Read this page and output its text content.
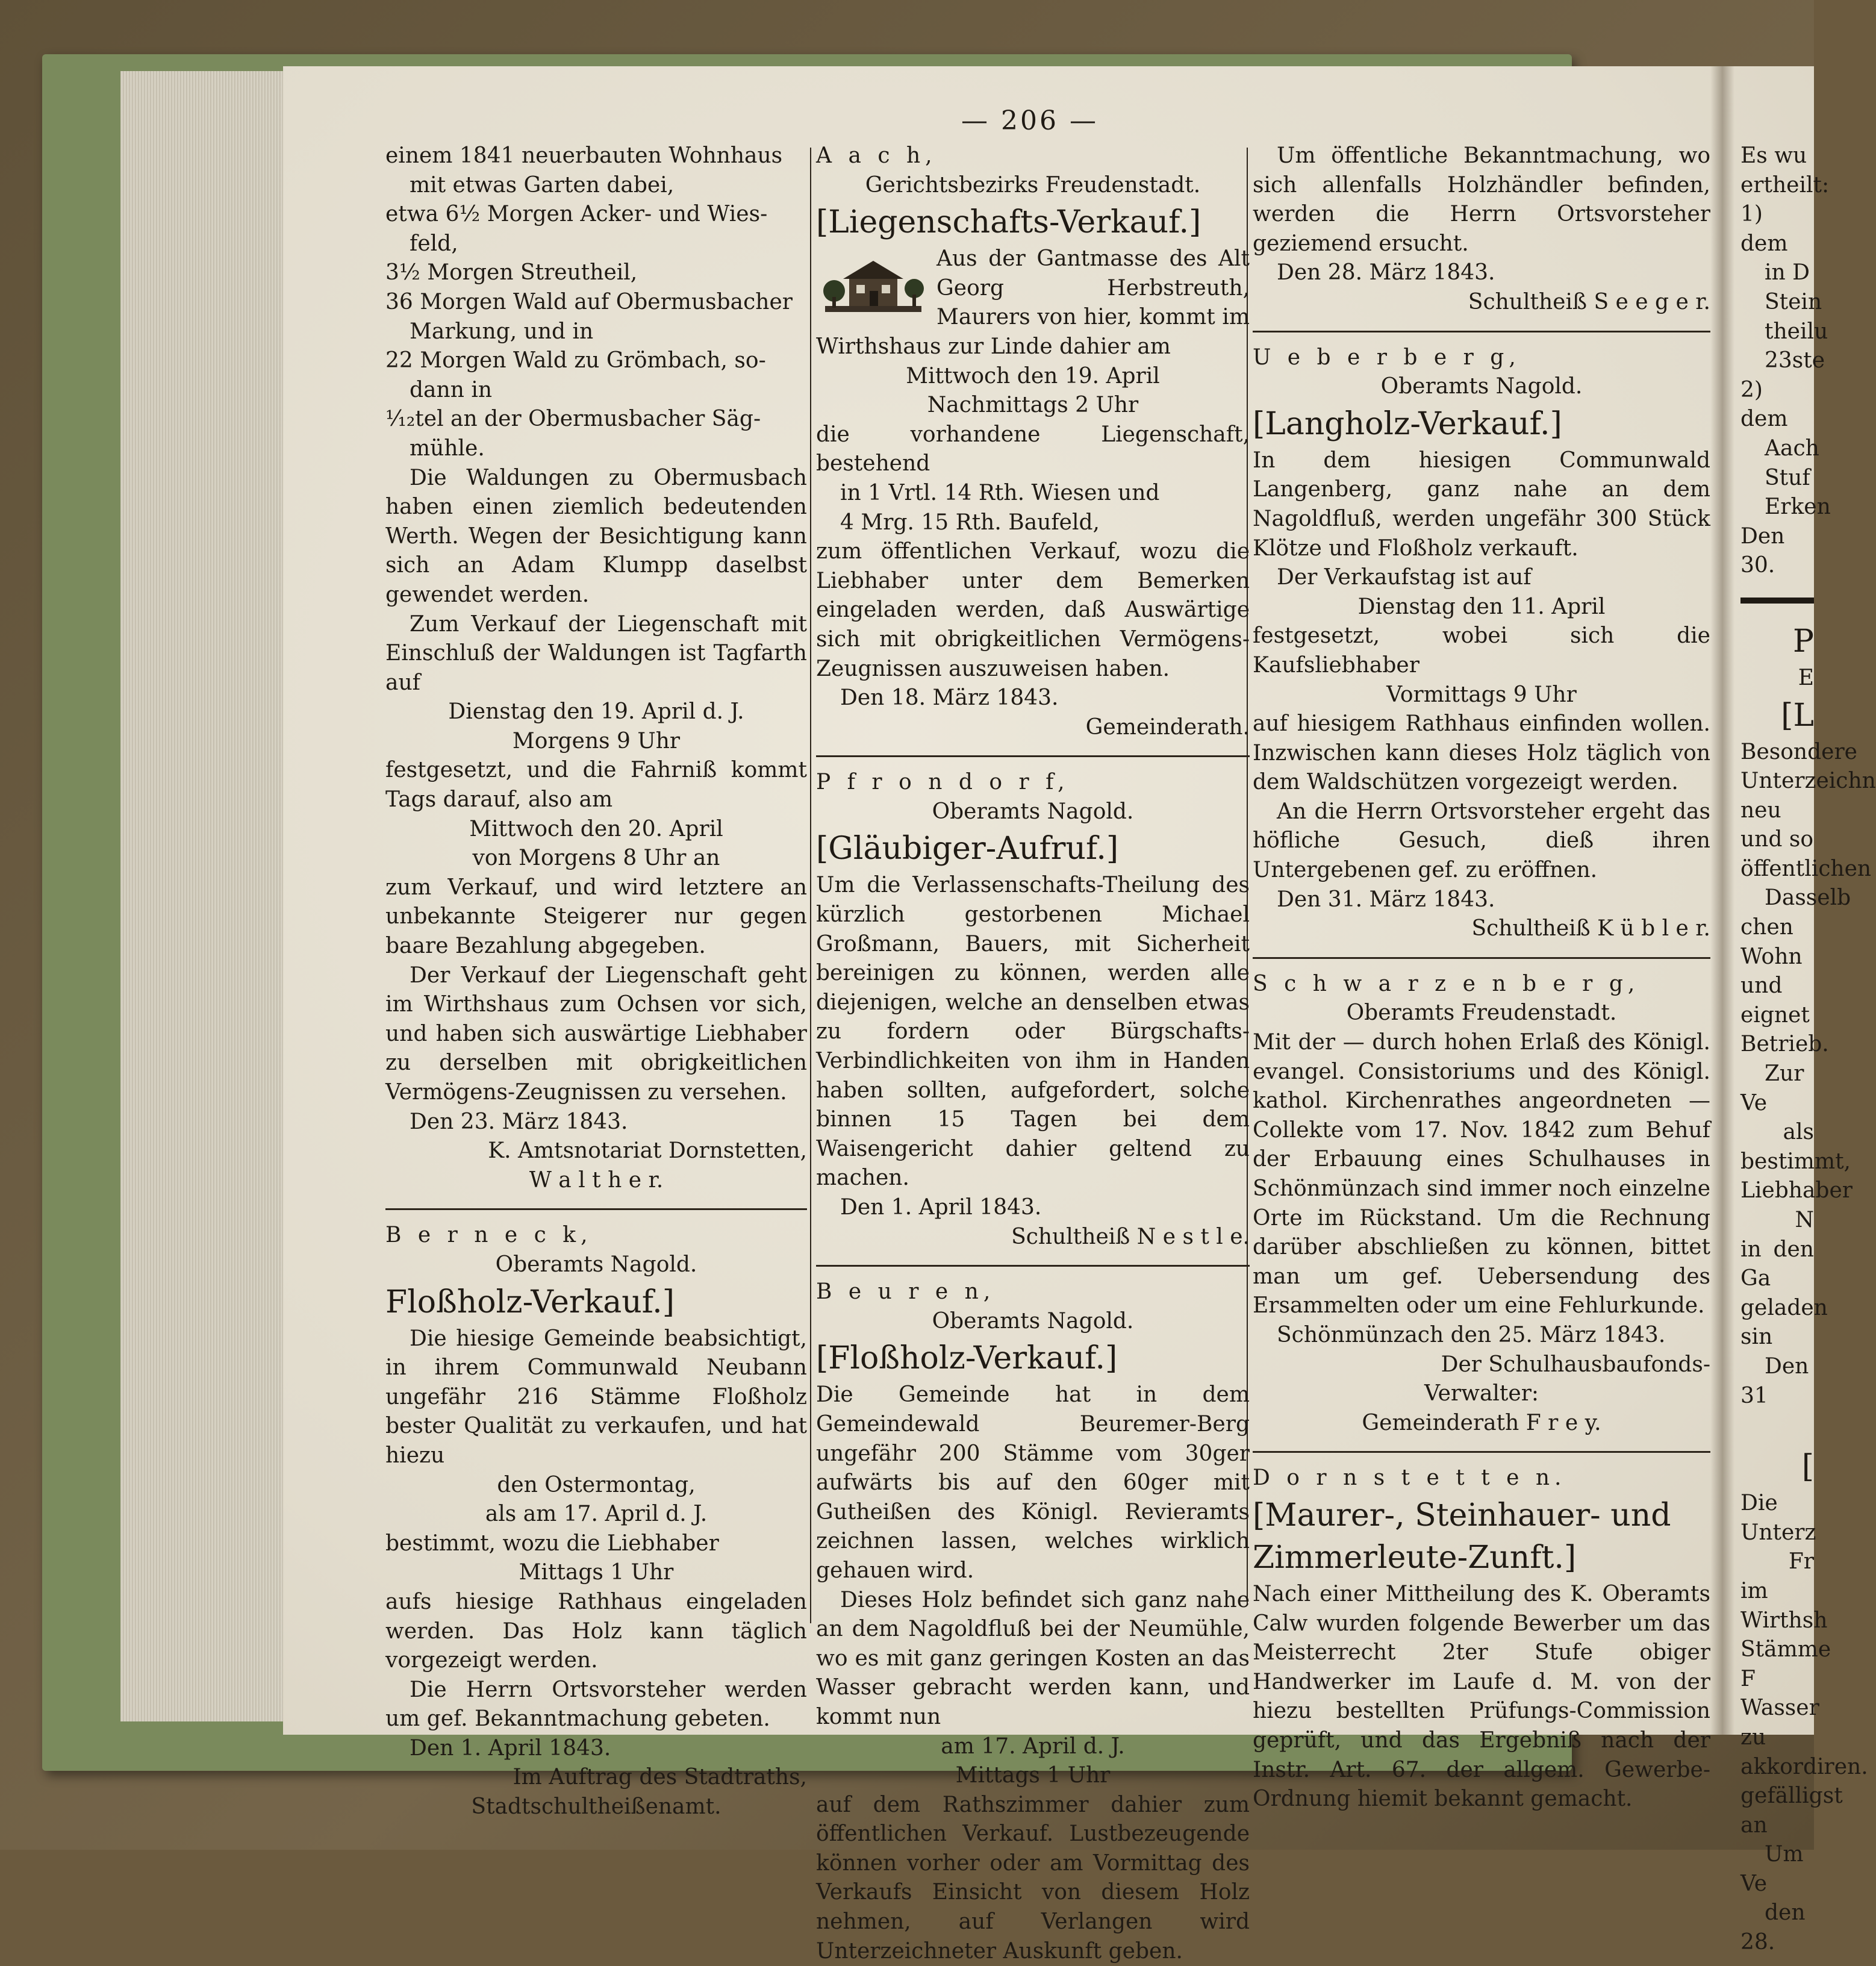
— 206 —

einem 1841 neuerbauten Wohnhaus

mit etwas Garten dabei,

etwa 6½ Morgen Acker- und Wies-

feld,

3½ Morgen Streutheil,

36 Morgen Wald auf Obermusbacher

Markung, und in

22 Morgen Wald zu Grömbach, so-

dann in

¹⁄₁₂tel an der Obermusbacher Säg-

mühle.

Die Waldungen zu Obermusbach haben einen ziemlich bedeutenden Werth. Wegen der Besichtigung kann sich an Adam Klumpp daselbst gewendet werden.

Zum Verkauf der Liegenschaft mit Einschluß der Waldungen ist Tagfarth auf

Dienstag den 19. April d. J.

Morgens 9 Uhr

festgesetzt, und die Fahrniß kommt Tags darauf, also am

Mittwoch den 20. April

von Morgens 8 Uhr an

zum Verkauf, und wird letztere an unbekannte Steigerer nur gegen baare Bezahlung abgegeben.

Der Verkauf der Liegenschaft geht im Wirthshaus zum Ochsen vor sich, und haben sich auswärtige Liebhaber zu derselben mit obrigkeitlichen Vermögens-Zeugnissen zu versehen.

Den 23. März 1843.

K. Amtsnotariat Dornstetten,

W a l t h e r.

B e r n e c k,

Oberamts Nagold.

Floßholz-Verkauf.]

Die hiesige Gemeinde beabsichtigt, in ihrem Communwald Neubann ungefähr 216 Stämme Floßholz bester Qualität zu verkaufen, und hat hiezu

den Ostermontag,

als am 17. April d. J.

bestimmt, wozu die Liebhaber

Mittags 1 Uhr

aufs hiesige Rathhaus eingeladen werden. Das Holz kann täglich vorgezeigt werden.

Die Herrn Ortsvorsteher werden um gef. Bekanntmachung gebeten.

Den 1. April 1843.

Im Auftrag des Stadtraths,

Stadtschultheißenamt.

A a c h,

Gerichtsbezirks Freudenstadt.

[Liegenschafts-Verkauf.]

Aus der Gantmasse des Alt Georg Herbstreuth, Maurers von hier, kommt im Wirthshaus zur Linde dahier am

Mittwoch den 19. April

Nachmittags 2 Uhr

die vorhandene Liegenschaft, bestehend

in 1 Vrtl. 14 Rth. Wiesen und

4 Mrg. 15 Rth. Baufeld,

zum öffentlichen Verkauf, wozu die Liebhaber unter dem Bemerken eingeladen werden, daß Auswärtige sich mit obrigkeitlichen Vermögens-Zeugnissen auszuweisen haben.

Den 18. März 1843.

Gemeinderath.

P f r o n d o r f,

Oberamts Nagold.

[Gläubiger-Aufruf.]

Um die Verlassenschafts-Theilung des kürzlich gestorbenen Michael Großmann, Bauers, mit Sicherheit bereinigen zu können, werden alle diejenigen, welche an denselben etwas zu fordern oder Bürgschafts-Verbindlichkeiten von ihm in Handen haben sollten, aufgefordert, solche binnen 15 Tagen bei dem Waisengericht dahier geltend zu machen.

Den 1. April 1843.

Schultheiß N e s t l e.

B e u r e n,

Oberamts Nagold.

[Floßholz-Verkauf.]

Die Gemeinde hat in dem Gemeindewald Beuremer-Berg ungefähr 200 Stämme vom 30ger aufwärts bis auf den 60ger mit Gutheißen des Königl. Revieramts zeichnen lassen, welches wirklich gehauen wird.

Dieses Holz befindet sich ganz nahe an dem Nagoldfluß bei der Neumühle, wo es mit ganz geringen Kosten an das Wasser gebracht werden kann, und kommt nun

am 17. April d. J.

Mittags 1 Uhr

auf dem Rathszimmer dahier zum öffentlichen Verkauf. Lustbezeugende können vorher oder am Vormittag des Verkaufs Einsicht von diesem Holz nehmen, auf Verlangen wird Unterzeichneter Auskunft geben.

Um öffentliche Bekanntmachung, wo sich allenfalls Holzhändler befinden, werden die Herrn Ortsvorsteher geziemend ersucht.

Den 28. März 1843.

Schultheiß S e e g e r.

U e b e r b e r g,

Oberamts Nagold.

[Langholz-Verkauf.]

In dem hiesigen Communwald Langenberg, ganz nahe an dem Nagoldfluß, werden ungefähr 300 Stück Klötze und Floßholz verkauft.

Der Verkaufstag ist auf

Dienstag den 11. April

festgesetzt, wobei sich die Kaufsliebhaber

Vormittags 9 Uhr

auf hiesigem Rathhaus einfinden wollen. Inzwischen kann dieses Holz täglich von dem Waldschützen vorgezeigt werden.

An die Herrn Ortsvorsteher ergeht das höfliche Gesuch, dieß ihren Untergebenen gef. zu eröffnen.

Den 31. März 1843.

Schultheiß K ü b l e r.

S c h w a r z e n b e r g,

Oberamts Freudenstadt.

Mit der — durch hohen Erlaß des Königl. evangel. Consistoriums und des Königl. kathol. Kirchenrathes angeordneten — Collekte vom 17. Nov. 1842 zum Behuf der Erbauung eines Schulhauses in Schönmünzach sind immer noch einzelne Orte im Rückstand. Um die Rechnung darüber abschließen zu können, bittet man um gef. Uebersendung des Ersammelten oder um eine Fehlurkunde.

Schönmünzach den 25. März 1843.

Der Schulhausbaufonds-

Verwalter:

Gemeinderath F r e y.

D o r n s t e t t e n.

[Maurer-, Steinhauer- und

Zimmerleute-Zunft.]

Nach einer Mittheilung des K. Oberamts Calw wurden folgende Bewerber um das Meisterrecht 2ter Stufe obiger Handwerker im Laufe d. M. von der hiezu bestellten Prüfungs-Commission geprüft, und das Ergebniß nach der Instr. Art. 67. der allgem. Gewerbe-Ordnung hiemit bekannt gemacht.

Es wu

ertheilt:

1) dem

in D

Stein

theilu

23ste

2) dem

Aach

Stuf

Erken

Den 30.

P

E

[L

Besondere

Unterzeichn

neu und so

öffentlichen

Dasselb

chen Wohn

und eignet

Betrieb.

Zur Ve

als

bestimmt,

Liebhaber

N

in den Ga

geladen sin

Den 31

[

Die Unterz

Fr

im Wirthsh

Stämme F

Wasser zu

akkordiren.

gefälligst an

Um Ve

den 28.
